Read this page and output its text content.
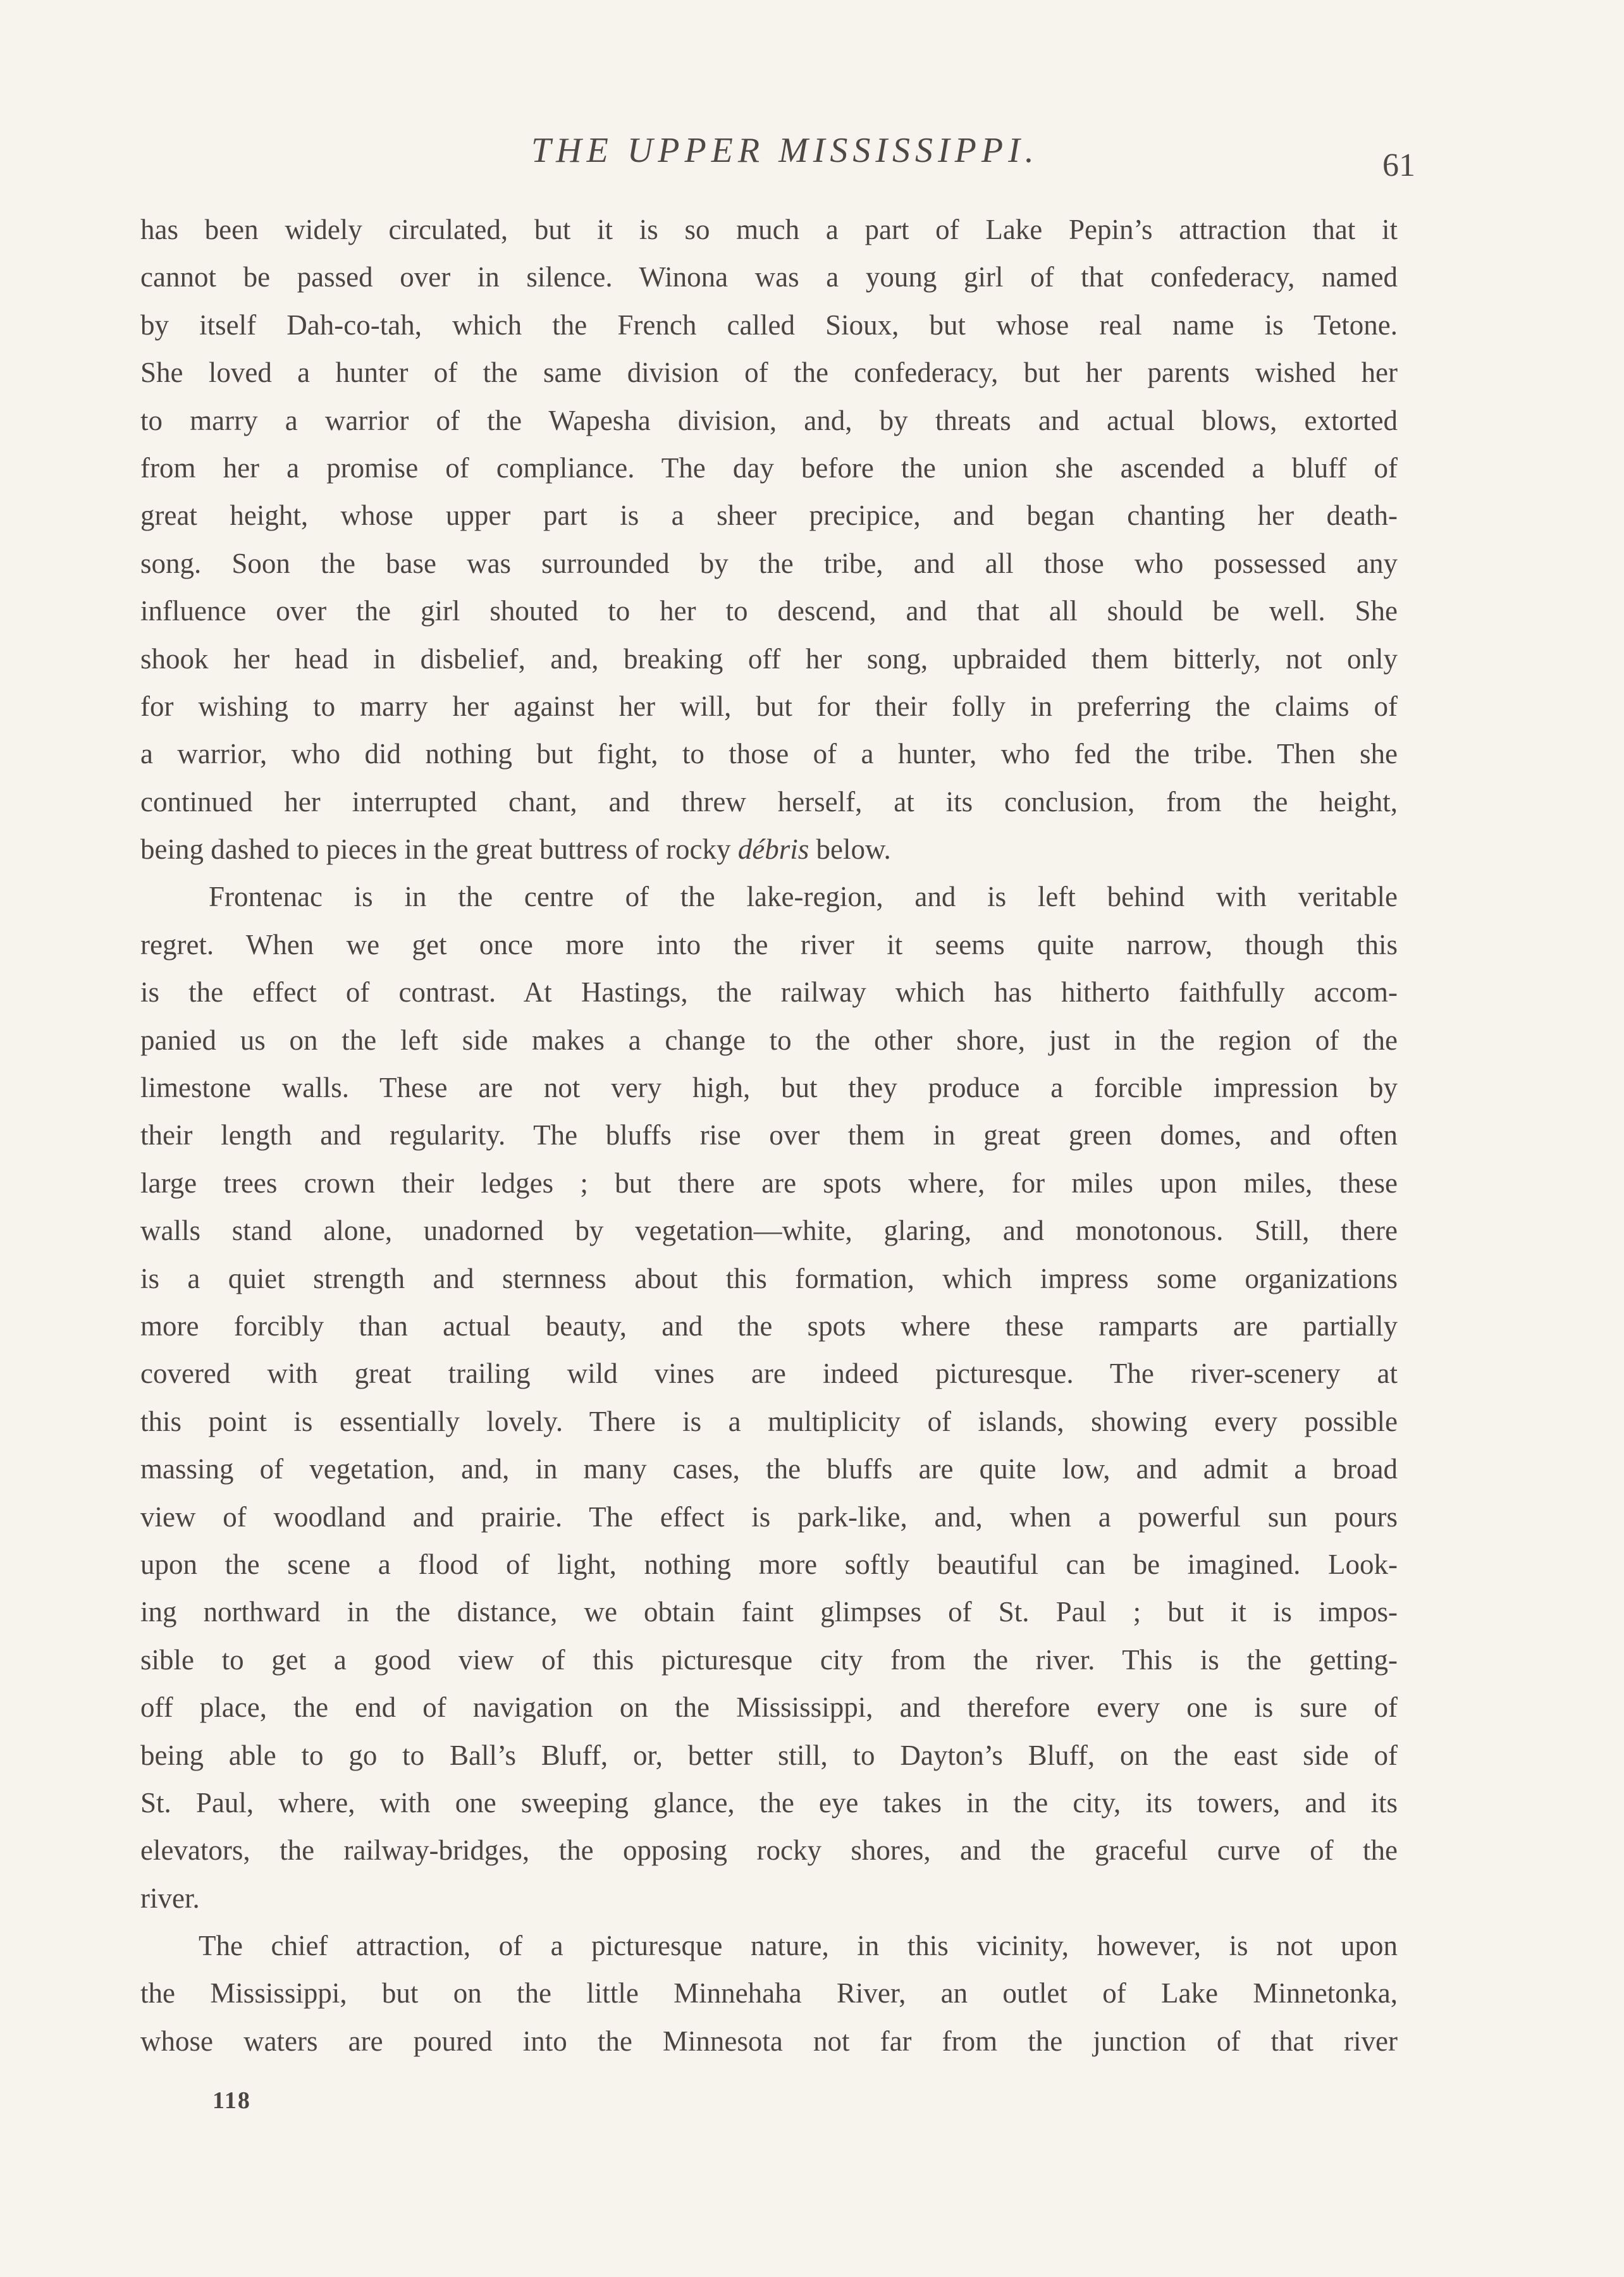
THE UPPER MISSISSIPPI.	61
has been widely circulated, but it is so much a part of Lake Pepin’s attraction that it
cannot be passed over in silence. Winona was a young girl of that confederacy, named
by itself Dah-co-tah, which the French called Sioux, but whose real name is Tetone.
She loved a hunter of the same division of the confederacy, but her parents wished her
to marry a warrior of the Wapesha division, and, by threats and actual blows, extorted
from her a promise of compliance. The day before the union she ascended a bluff of
great height, whose upper part is a sheer precipice, and began chanting her death-
song. Soon the base was surrounded by the tribe, and all those who possessed any
influence over the girl shouted to her to descend, and that all should be well. She
shook her head in disbelief, and, breaking off her song, upbraided them bitterly, not only
for wishing to marry her against her will, but for their folly in preferring the claims of
a warrior, who did nothing but fight, to those of a hunter, who fed the tribe. Then she
continued her interrupted chant, and threw herself, at its conclusion, from the height,
being dashed to pieces in the great buttress of rocky débris below.
Frontenac is in the centre of the lake-region, and is left behind with veritable
regret. When we get once more into the river it seems quite narrow, though this
is the effect of contrast. At Hastings, the railway which has hitherto faithfully accom-
panied us on the left side makes a change to the other shore, just in the region of the
limestone walls. These are not very high, but they produce a forcible impression by
their length and regularity. The bluffs rise over them in great green domes, and often
large trees crown their ledges ; but there are spots where, for miles upon miles, these
walls stand alone, unadorned by vegetation—white, glaring, and monotonous. Still, there
is a quiet strength and sternness about this formation, which impress some organizations
more forcibly than actual beauty, and the spots where these ramparts are partially
covered with great trailing wild vines are indeed picturesque. The river-scenery at
this point is essentially lovely. There is a multiplicity of islands, showing every possible
massing of vegetation, and, in many cases, the bluffs are quite low, and admit a broad
view of woodland and prairie. The effect is park-like, and, when a powerful sun pours
upon the scene a flood of light, nothing more softly beautiful can be imagined. Look-
ing northward in the distance, we obtain faint glimpses of St. Paul ; but it is impos-
sible to get a good view of this picturesque city from the river. This is the getting-
off place, the end of navigation on the Mississippi, and therefore every one is sure of
being able to go to Ball’s Bluff, or, better still, to Dayton’s Bluff, on the east side of
St. Paul, where, with one sweeping glance, the eye takes in the city, its towers, and its
elevators, the railway-bridges, the opposing rocky shores, and the graceful curve of the
river.
The chief attraction, of a picturesque nature, in this vicinity, however, is not upon
the Mississippi, but on the little Minnehaha River, an outlet of Lake Minnetonka,
whose waters are poured into the Minnesota not far from the junction of that river
118
